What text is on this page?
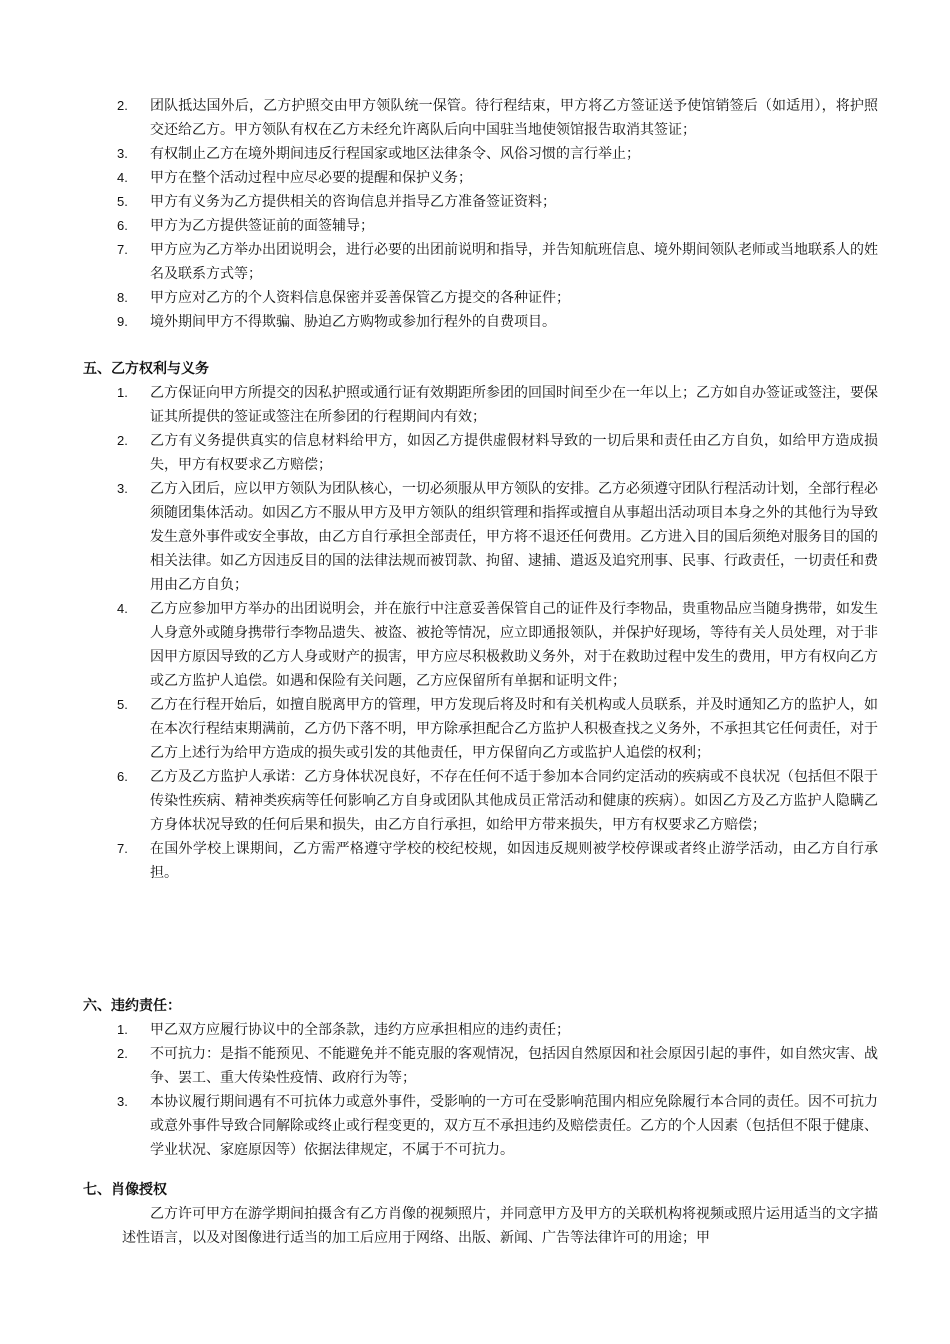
2. 团队抵达国外后，乙方护照交由甲方领队统一保管。待行程结束，甲方将乙方签证送予使馆销签后（如适用），将护照交还给乙方。甲方领队有权在乙方未经允许离队后向中国驻当地使领馆报告取消其签证；
3. 有权制止乙方在境外期间违反行程国家或地区法律条令、风俗习惯的言行举止；
4. 甲方在整个活动过程中应尽必要的提醒和保护义务；
5. 甲方有义务为乙方提供相关的咨询信息并指导乙方准备签证资料；
6. 甲方为乙方提供签证前的面签辅导；
7. 甲方应为乙方举办出团说明会，进行必要的出团前说明和指导，并告知航班信息、境外期间领队老师或当地联系人的姓名及联系方式等；
8. 甲方应对乙方的个人资料信息保密并妥善保管乙方提交的各种证件；
9. 境外期间甲方不得欺骗、胁迫乙方购物或参加行程外的自费项目。
五、乙方权利与义务
1. 乙方保证向甲方所提交的因私护照或通行证有效期距所参团的回国时间至少在一年以上；乙方如自办签证或签注，要保证其所提供的签证或签注在所参团的行程期间内有效；
2. 乙方有义务提供真实的信息材料给甲方，如因乙方提供虚假材料导致的一切后果和责任由乙方自负，如给甲方造成损失，甲方有权要求乙方赔偿；
3. 乙方入团后，应以甲方领队为团队核心，一切必须服从甲方领队的安排。乙方必须遵守团队行程活动计划，全部行程必须随团集体活动。如因乙方不服从甲方及甲方领队的组织管理和指挥或擅自从事超出活动项目本身之外的其他行为导致发生意外事件或安全事故，由乙方自行承担全部责任，甲方将不退还任何费用。乙方进入目的国后须绝对服务目的国的相关法律。如乙方因违反目的国的法律法规而被罚款、拘留、逮捕、遣返及追究刑事、民事、行政责任，一切责任和费用由乙方自负；
4. 乙方应参加甲方举办的出团说明会，并在旅行中注意妥善保管自己的证件及行李物品，贵重物品应当随身携带，如发生人身意外或随身携带行李物品遗失、被盗、被抢等情况，应立即通报领队，并保护好现场，等待有关人员处理，对于非因甲方原因导致的乙方人身或财产的损害，甲方应尽积极救助义务外，对于在救助过程中发生的费用，甲方有权向乙方或乙方监护人追偿。如遇和保险有关问题，乙方应保留所有单据和证明文件；
5. 乙方在行程开始后，如擅自脱离甲方的管理，甲方发现后将及时和有关机构或人员联系，并及时通知乙方的监护人，如在本次行程结束期满前，乙方仍下落不明，甲方除承担配合乙方监护人积极查找之义务外，不承担其它任何责任，对于乙方上述行为给甲方造成的损失或引发的其他责任，甲方保留向乙方或监护人追偿的权利；
6. 乙方及乙方监护人承诺：乙方身体状况良好，不存在任何不适于参加本合同约定活动的疾病或不良状况（包括但不限于传染性疾病、精神类疾病等任何影响乙方自身或团队其他成员正常活动和健康的疾病）。如因乙方及乙方监护人隐瞒乙方身体状况导致的任何后果和损失，由乙方自行承担，如给甲方带来损失，甲方有权要求乙方赔偿；
7. 在国外学校上课期间，乙方需严格遵守学校的校纪校规，如因违反规则被学校停课或者终止游学活动，由乙方自行承担。
六、违约责任：
1. 甲乙双方应履行协议中的全部条款，违约方应承担相应的违约责任；
2. 不可抗力：是指不能预见、不能避免并不能克服的客观情况，包括因自然原因和社会原因引起的事件，如自然灾害、战争、罢工、重大传染性疫情、政府行为等；
3. 本协议履行期间遇有不可抗体力或意外事件，受影响的一方可在受影响范围内相应免除履行本合同的责任。因不可抗力或意外事件导致合同解除或终止或行程变更的，双方互不承担违约及赔偿责任。乙方的个人因素（包括但不限于健康、学业状况、家庭原因等）依据法律规定，不属于不可抗力。
七、肖像授权
乙方许可甲方在游学期间拍摄含有乙方肖像的视频照片，并同意甲方及甲方的关联机构将视频或照片运用适当的文字描述性语言，以及对图像进行适当的加工后应用于网络、出版、新闻、广告等法律许可的用途；甲
